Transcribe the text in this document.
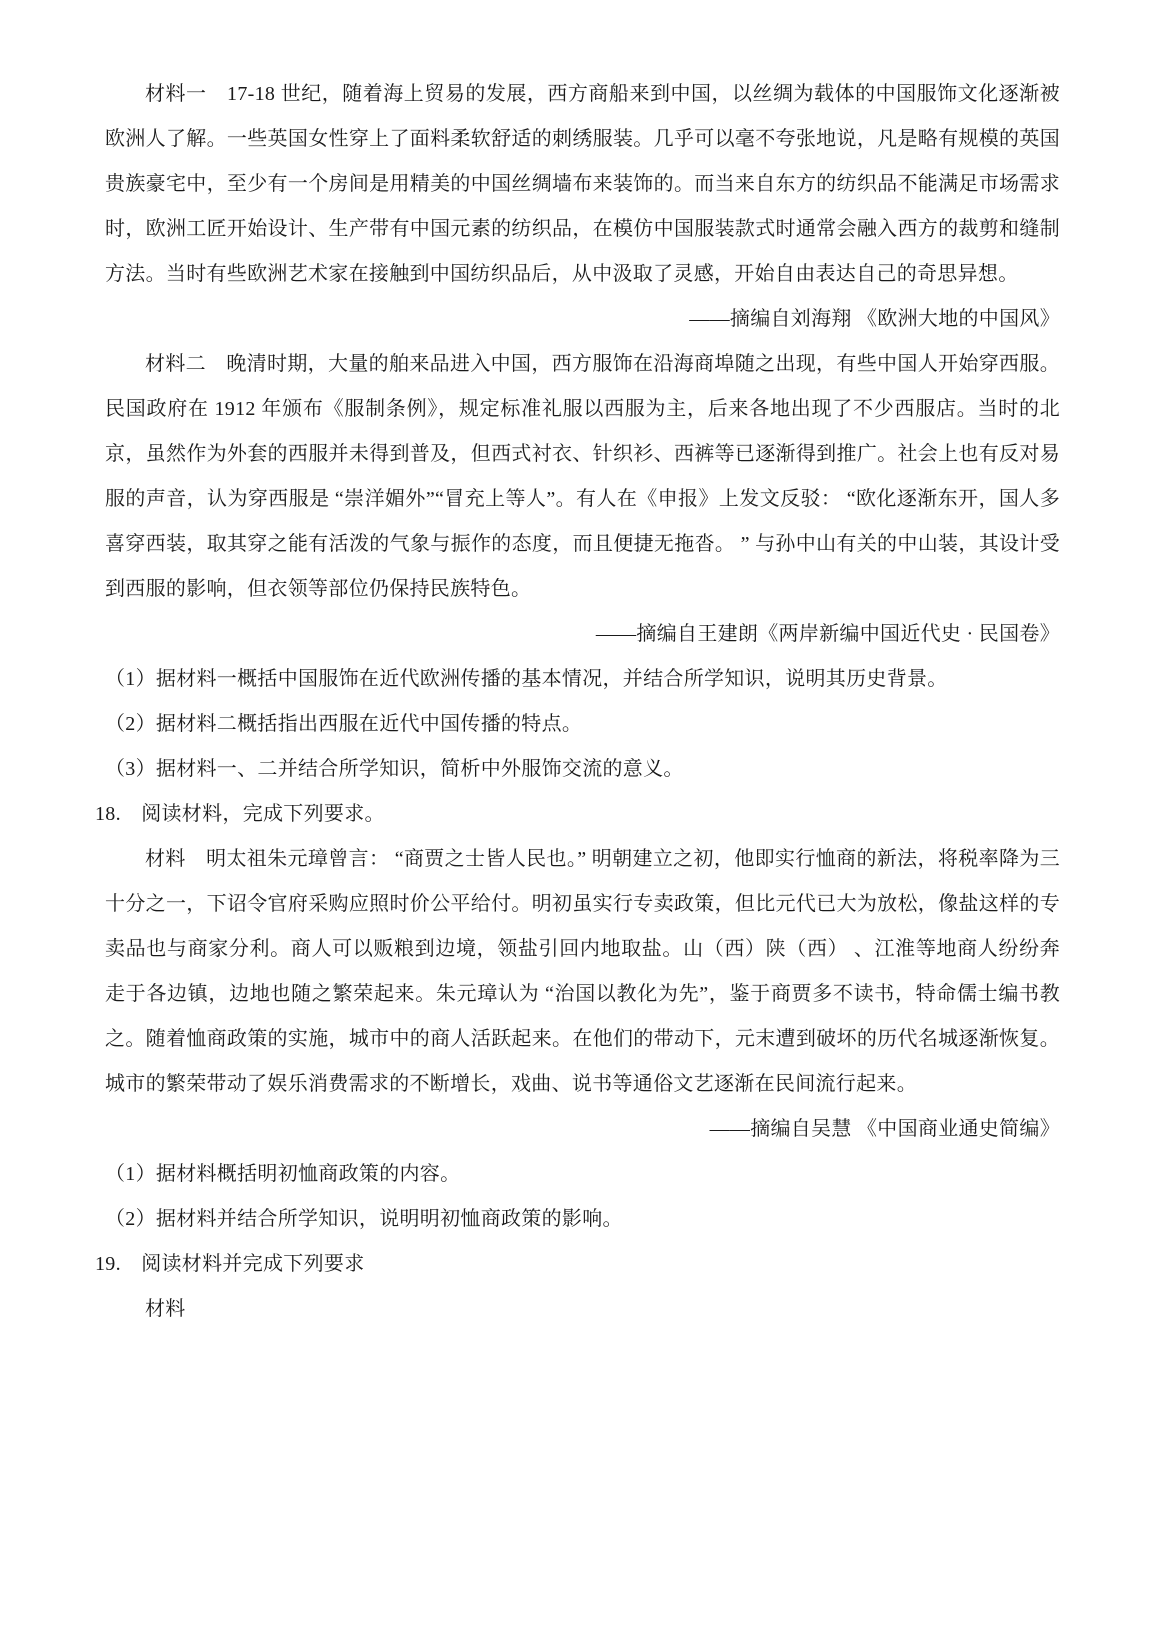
材料一　17-18 世纪，随着海上贸易的发展，西方商船来到中国，以丝绸为载体的中国服饰文化逐渐被欧洲人了解。一些英国女性穿上了面料柔软舒适的刺绣服装。几乎可以毫不夸张地说，凡是略有规模的英国贵族豪宅中，至少有一个房间是用精美的中国丝绸墙布来装饰的。而当来自东方的纺织品不能满足市场需求时，欧洲工匠开始设计、生产带有中国元素的纺织品，在模仿中国服装款式时通常会融入西方的裁剪和缝制方法。当时有些欧洲艺术家在接触到中国纺织品后，从中汲取了灵感，开始自由表达自己的奇思异想。

——摘编自刘海翔 《欧洲大地的中国风》

材料二　晚清时期，大量的舶来品进入中国，西方服饰在沿海商埠随之出现，有些中国人开始穿西服。民国政府在 1912 年颁布《服制条例》，规定标准礼服以西服为主，后来各地出现了不少西服店。当时的北京，虽然作为外套的西服并未得到普及，但西式衬衣、针织衫、西裤等已逐渐得到推广。社会上也有反对易服的声音，认为穿西服是 “崇洋媚外”“冒充上等人”。有人在《申报》上发文反驳： “欧化逐渐东开，国人多喜穿西装，取其穿之能有活泼的气象与振作的态度，而且便捷无拖沓。 ” 与孙中山有关的中山装，其设计受到西服的影响，但衣领等部位仍保持民族特色。

——摘编自王建朗《两岸新编中国近代史 · 民国卷》

（1）据材料一概括中国服饰在近代欧洲传播的基本情况，并结合所学知识，说明其历史背景。

（2）据材料二概括指出西服在近代中国传播的特点。

（3）据材料一、二并结合所学知识，简析中外服饰交流的意义。

18.　阅读材料，完成下列要求。

材料　明太祖朱元璋曾言： “商贾之士皆人民也。” 明朝建立之初，他即实行恤商的新法，将税率降为三十分之一，下诏令官府采购应照时价公平给付。明初虽实行专卖政策，但比元代已大为放松，像盐这样的专卖品也与商家分利。商人可以贩粮到边境，领盐引回内地取盐。山（西）陕（西） 、江淮等地商人纷纷奔走于各边镇，边地也随之繁荣起来。朱元璋认为 “治国以教化为先”，鉴于商贾多不读书，特命儒士编书教之。随着恤商政策的实施，城市中的商人活跃起来。在他们的带动下，元末遭到破坏的历代名城逐渐恢复。城市的繁荣带动了娱乐消费需求的不断增长，戏曲、说书等通俗文艺逐渐在民间流行起来。

——摘编自吴慧 《中国商业通史简编》

（1）据材料概括明初恤商政策的内容。

（2）据材料并结合所学知识，说明明初恤商政策的影响。

19.　阅读材料并完成下列要求

材料
